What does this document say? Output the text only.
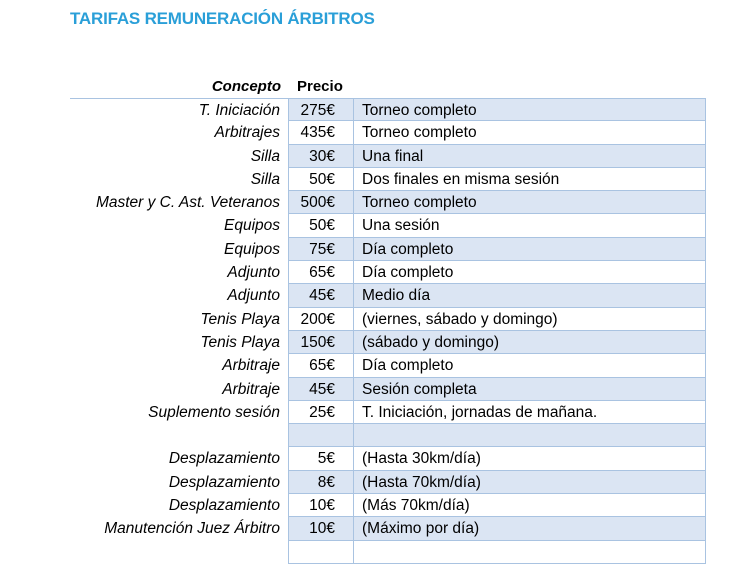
TARIFAS REMUNERACIÓN ÁRBITROS
Concepto Precio
T. Iniciación	275€	Torneo completo
Arbitrajes	435€	Torneo completo
Silla	30€	Una final
Silla	50€	Dos finales en misma sesión
Master y C. Ast. Veteranos	500€	Torneo completo
Equipos	50€	Una sesión
Equipos	75€	Día completo
Adjunto	65€	Día completo
Adjunto	45€	Medio día
Tenis Playa	200€	(viernes, sábado y domingo)
Tenis Playa	150€	(sábado y domingo)
Arbitraje	65€	Día completo
Arbitraje	45€	Sesión completa
Suplemento sesión	25€	T. Iniciación, jornadas de mañana.
Desplazamiento	5€	(Hasta 30km/día)
Desplazamiento	8€	(Hasta 70km/día)
Desplazamiento	10€	(Más 70km/día)
Manutención Juez Árbitro	10€	(Máximo por día)
